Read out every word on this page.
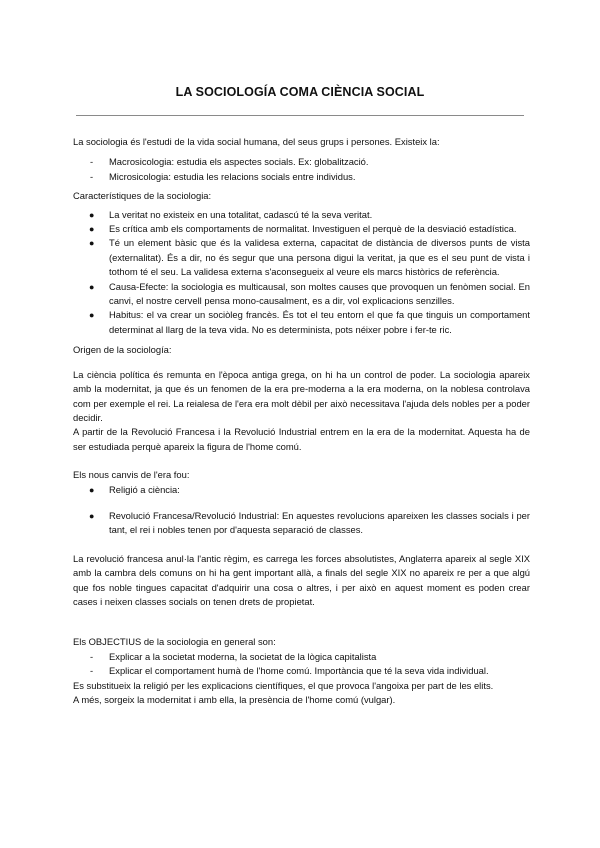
LA SOCIOLOGÍA COMA CIÈNCIA SOCIAL

La sociologia és l'estudi de la vida social humana, del seus grups i persones. Existeix la:

- Macrosicologia: estudia els aspectes socials. Ex: globalització.
- Microsicologia: estudia les relacions socials entre individus.

Característiques de la sociologia:

● La veritat no existeix en una totalitat, cadascú té la seva veritat.
● Es crítica amb els comportaments de normalitat. Investiguen el perquè de la desviació estadística.
● Té un element bàsic que és la validesa externa, capacitat de distància de diversos punts de vista (externalitat). És a dir, no és segur que una persona digui la veritat, ja que es el seu punt de vista i tothom té el seu. La validesa externa s'aconsegueix al veure els marcs històrics de referència.
● Causa-Efecte: la sociologia es multicausal, son moltes causes que provoquen un fenòmen social. En canvi, el nostre cervell pensa mono-causalment, es a dir, vol explicacions senzilles.
● Habitus: el va crear un sociòleg francès. És tot el teu entorn el que fa que tinguis un comportament determinat al llarg de la teva vida. No es determinista, pots néixer pobre i fer-te ric.

Origen de la sociología:

La ciència política és remunta en l'època antiga grega, on hi ha un control de poder. La sociologia apareix amb la modernitat, ja que és un fenomen de la era pre-moderna a la era moderna, on la noblesa controlava com per exemple el rei. La reialesa de l'era era molt dèbil per això necessitava l'ajuda dels nobles per a poder decidir.

A partir de la Revolució Francesa i la Revolució Industrial entrem en la era de la modernitat. Aquesta ha de ser estudiada perquè apareix la figura de l'home comú.

Els nous canvis de l'era fou:

● Religió a ciència:
● Revolució Francesa/Revolució Industrial: En aquestes revolucions apareixen les classes socials i per tant, el rei i nobles tenen por d'aquesta separació de classes.

La revolució francesa anul·la l'antic règim, es carrega les forces absolutistes, Anglaterra apareix al segle XIX amb la cambra dels comuns on hi ha gent important allà, a finals del segle XIX no apareix re per a que algú que fos noble tingues capacitat d'adquirir una cosa o altres, i per això en aquest moment es poden crear cases i neixen classes socials on tenen drets de propietat.

Els OBJECTIUS de la sociologia en general son:

- Explicar a la societat moderna, la societat de la lògica capitalista
- Explicar el comportament humà de l'home comú. Importància que té la seva vida individual.

Es substitueix la religió per les explicacions científiques, el que provoca l'angoixa per part de les elits.

A més, sorgeix la modernitat i amb ella, la presència de l'home comú (vulgar).
